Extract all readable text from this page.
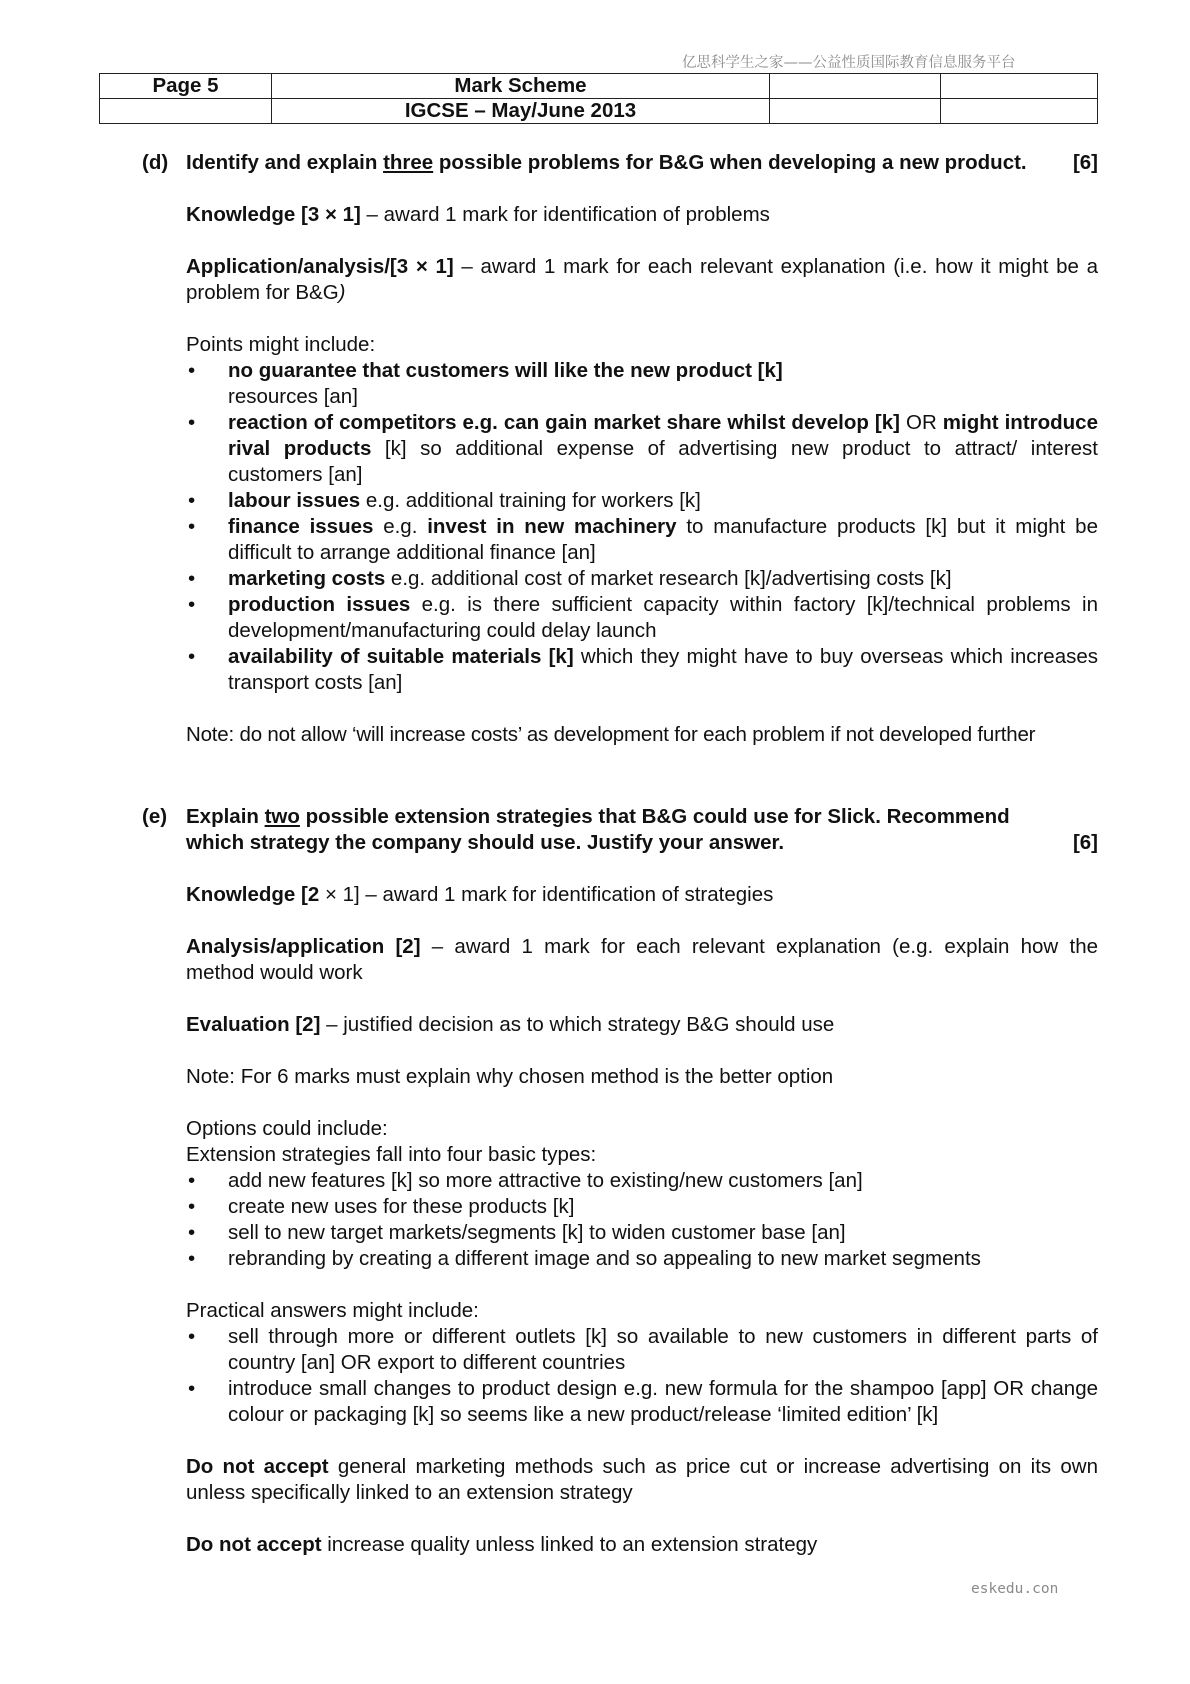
亿思科学生之家——公益性质国际教育信息服务平台
Page 5	Mark Scheme		
	IGCSE – May/June 2013		
(d) Identify and explain three possible problems for B&G when developing a new product. [6]

Knowledge [3 × 1] – award 1 mark for identification of problems

Application/analysis/[3 × 1] – award 1 mark for each relevant explanation (i.e. how it might be a problem for B&G)

Points might include:

• no guarantee that customers will like the new product [k]
resources [an]
• reaction of competitors e.g. can gain market share whilst develop [k] OR might introduce rival products [k] so additional expense of advertising new product to attract/ interest customers [an]
• labour issues e.g. additional training for workers [k]
• finance issues e.g. invest in new machinery to manufacture products [k] but it might be difficult to arrange additional finance [an]
• marketing costs e.g. additional cost of market research [k]/advertising costs [k]
• production issues e.g. is there sufficient capacity within factory [k]/technical problems in development/manufacturing could delay launch
• availability of suitable materials [k] which they might have to buy overseas which increases transport costs [an]

Note: do not allow ‘will increase costs’ as development for each problem if not developed further

(e) Explain two possible extension strategies that B&G could use for Slick. Recommend

which strategy the company should use. Justify your answer.	[6]

Knowledge [2 × 1] – award 1 mark for identification of strategies

Analysis/application [2] – award 1 mark for each relevant explanation (e.g. explain how the method would work

Evaluation [2] – justified decision as to which strategy B&G should use

Note: For 6 marks must explain why chosen method is the better option

Options could include:

Extension strategies fall into four basic types:

• add new features [k] so more attractive to existing/new customers [an]
• create new uses for these products [k]
• sell to new target markets/segments [k] to widen customer base [an]
• rebranding by creating a different image and so appealing to new market segments

Practical answers might include:

• sell through more or different outlets [k] so available to new customers in different parts of country [an] OR export to different countries
• introduce small changes to product design e.g. new formula for the shampoo [app] OR change colour or packaging [k] so seems like a new product/release ‘limited edition’ [k]

Do not accept general marketing methods such as price cut or increase advertising on its own unless specifically linked to an extension strategy

Do not accept increase quality unless linked to an extension strategy

eskedu.con
